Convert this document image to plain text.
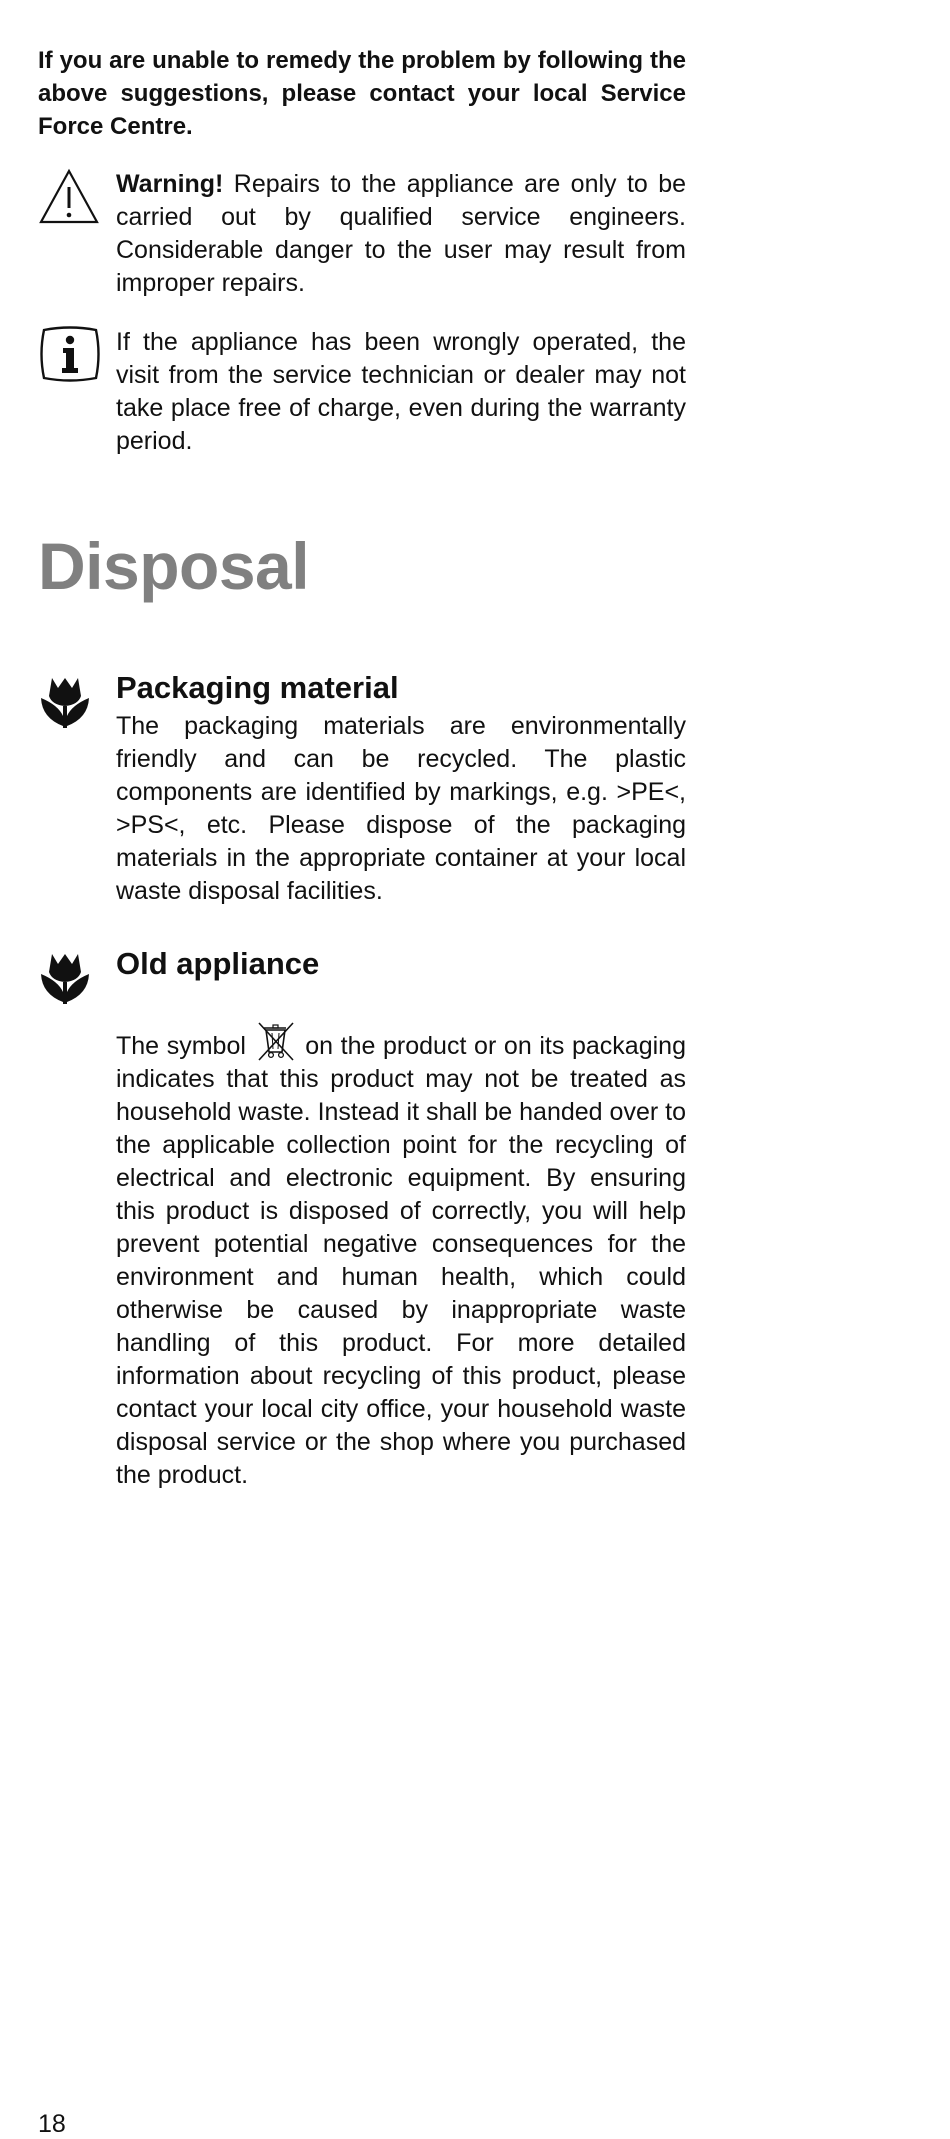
If you are unable to remedy the problem by following the above suggestions, please contact your local Service Force Centre.

Warning! Repairs to the appliance are only to be carried out by qualified service engineers. Considerable danger to the user may result from improper repairs.

If the appliance has been wrongly operated, the visit from the service technician or dealer may not take place free of charge, even during the warranty period.

Disposal
Packaging material

The packaging materials are environmentally friendly and can be recycled. The plastic components are identified by markings, e.g. >PE<, >PS<, etc. Please dispose of the packaging materials in the appropriate container at your local waste disposal facilities.

Old appliance

The symbol on the product or on its packaging indicates that this product may not be treated as household waste. Instead it shall be handed over to the applicable collection point for the recycling of electrical and electronic equipment. By ensuring this product is disposed of correctly, you will help prevent potential negative consequences for the environment and human health, which could otherwise be caused by inappropriate waste handling of this product. For more detailed information about recycling of this product, please contact your local city office, your household waste disposal service or the shop where you purchased the product.

18
